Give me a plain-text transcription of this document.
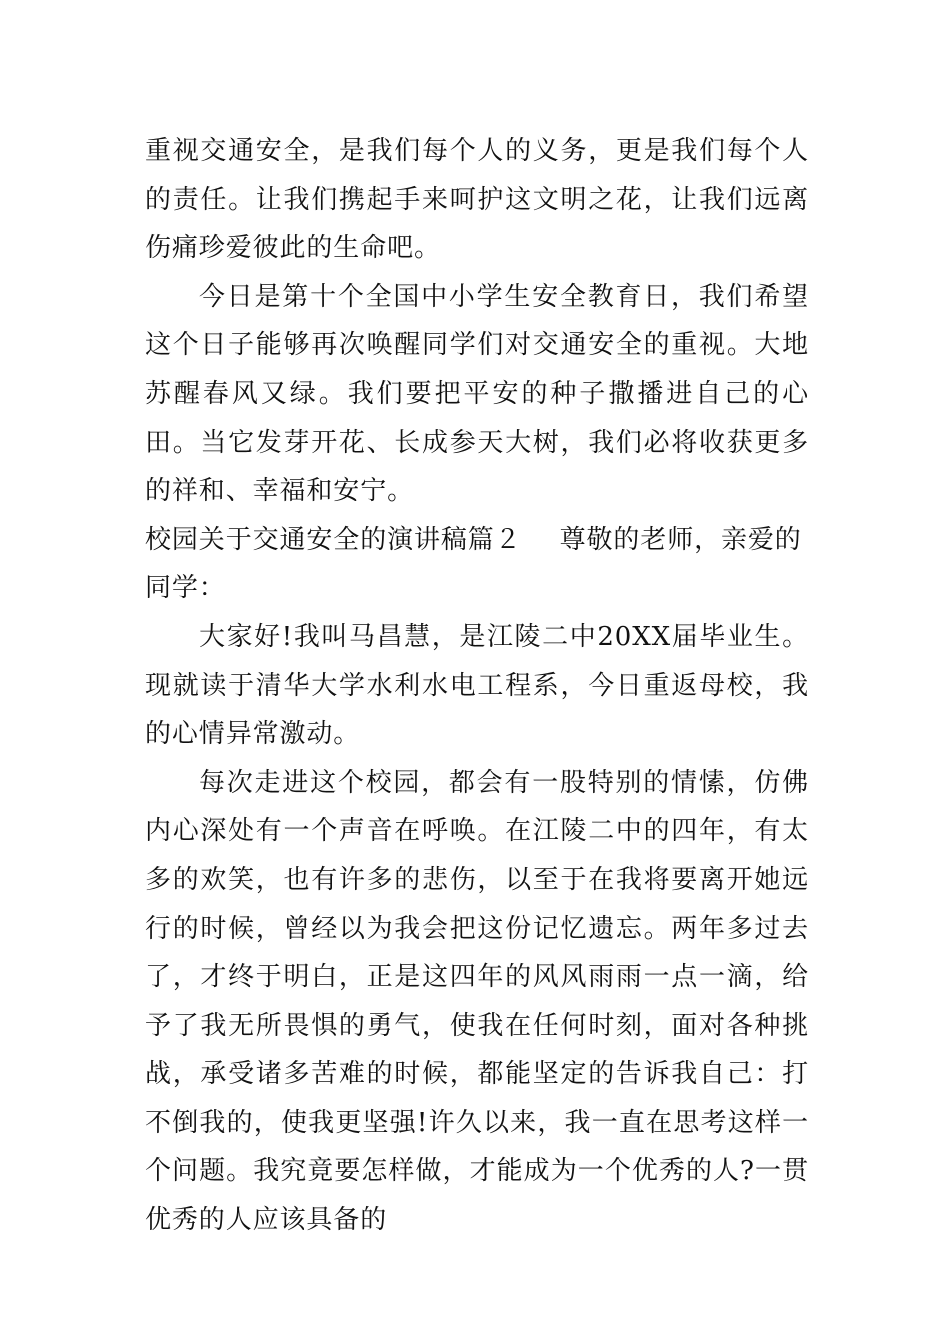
重视交通安全，是我们每个人的义务，更是我们每个人的责任。让我们携起手来呵护这文明之花，让我们远离伤痛珍爱彼此的生命吧。

今日是第十个全国中小学生安全教育日，我们希望这个日子能够再次唤醒同学们对交通安全的重视。大地苏醒春风又绿。我们要把平安的种子撒播进自己的心田。当它发芽开花、长成参天大树，我们必将收获更多的祥和、幸福和安宁。

校园关于交通安全的演讲稿篇２ 尊敬的老师，亲爱的同学：

大家好!我叫马昌慧，是江陵二中20XX届毕业生。现就读于清华大学水利水电工程系，今日重返母校，我的心情异常激动。

每次走进这个校园，都会有一股特别的情愫，仿佛内心深处有一个声音在呼唤。在江陵二中的四年，有太多的欢笑，也有许多的悲伤，以至于在我将要离开她远行的时候，曾经以为我会把这份记忆遗忘。两年多过去了，才终于明白，正是这四年的风风雨雨一点一滴，给予了我无所畏惧的勇气，使我在任何时刻，面对各种挑战，承受诸多苦难的时候，都能坚定的告诉我自己：打不倒我的，使我更坚强!许久以来，我一直在思考这样一个问题。我究竟要怎样做，才能成为一个优秀的人?一贯优秀的人应该具备的
